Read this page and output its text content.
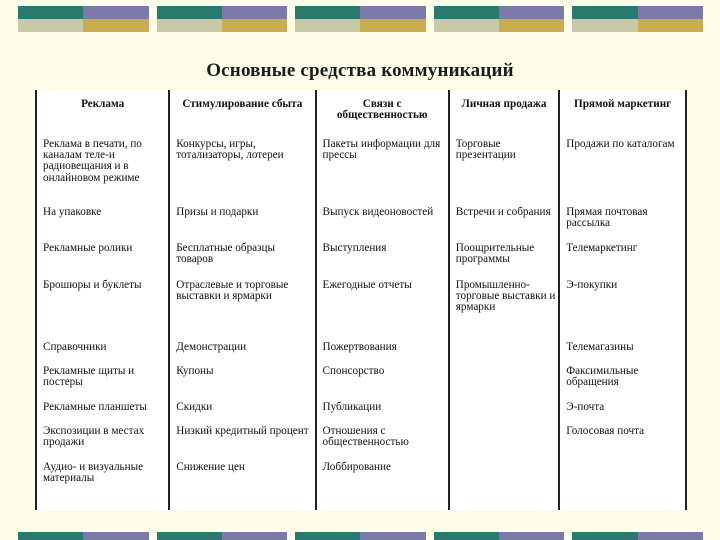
Основные средства коммуникаций
Реклама	Стимулирование сбыта	Связи с общественностью	Личная продажа	Прямой маркетинг
Реклама в печати, по каналам теле-и радиовещания и в онлайновом режиме	Конкурсы, игры, тотализаторы, лотереи	Пакеты информации для прессы	Торговые презентации	Продажи по каталогам
На упаковке	Призы и подарки	Выпуск видеоновостей	Встречи и собрания	Прямая почтовая рассылка
Рекламные ролики	Бесплатные образцы товаров	Выступления	Поощрительные программы	Телемаркетинг
Брошюры и буклеты	Отраслевые и торговые выставки и ярмарки	Ежегодные отчеты	Промышленно-торговые выставки и ярмарки	Э-покупки
Справочники	Демонстрации	Пожертвования		Телемагазины
Рекламные щиты и постеры	Купоны	Спонсорство		Факсимильные обращения
Рекламные планшеты	Скидки	Публикации		Э-почта
Экспозиции в местах продажи	Низкий кредитный процент	Отношения с общественностью		Голосовая почта
Аудио- и визуальные материалы	Снижение цен	Лоббирование		
